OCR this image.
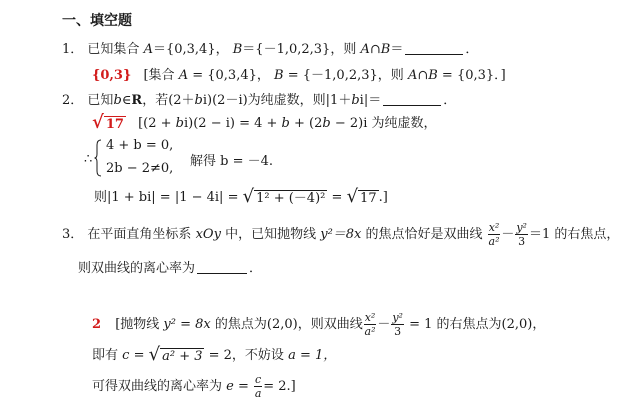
一、填空题
1． 已知集合 A＝{0,3,4}， B＝{－1,0,2,3}，则 A∩B＝	．
{0,3} [集合 A = {0,3,4}， B = {－1,0,2,3}，则 A∩B = {0,3}．]
2． 已知b∈R，若(2＋bi)(2－i)为纯虚数，则|1＋bi|＝	．
√ 17 [(2 + bi)(2 − i) = 4 + b + (2b − 2)i 为纯虚数，
∴
4 + b = 0,
2b − 2≠0, 解得 b = －4.
则|1 + bi| = |1 − 4i| = √ 1² + (－4)² = √ 17 .]
3． 在平面直角坐标系 xOy 中，已知抛物线 y²＝8x 的焦点恰好是双曲线 $\frac{\text{x²}}{\text{a²}} - \frac{\text{y²}}{3} =1$ 的右焦点，
则双曲线的离心率为	．
2 [抛物线 y² = 8x 的焦点为(2,0)，则双曲线 $\frac{\text{x²}}{\text{a²}} - \frac{\text{y²}}{3} = 1$ 的右焦点为(2,0)，
即有 c = √ a² + 3 = 2，不妨设 a = 1，
可得双曲线的离心率为 $e = \frac{c}{a} = 2$.]
